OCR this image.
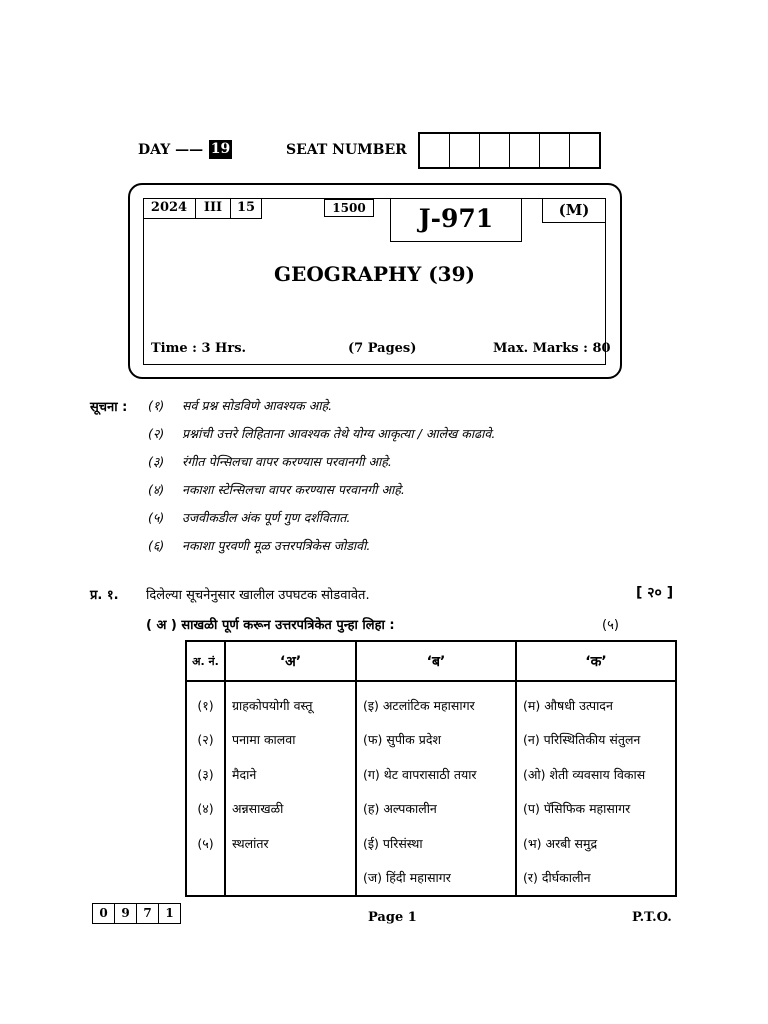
DAY —— 19	SEAT NUMBER
2024	III	15	1500	J-971	(M)
GEOGRAPHY (39)
Time : 3 Hrs.	(7 Pages)	Max. Marks : 80
सूचना : (१) सर्व प्रश्न सोडविणे आवश्यक आहे.
(२) प्रश्नांची उत्तरे लिहिताना आवश्यक तेथे योग्य आकृत्या / आलेख काढावे.
(३) रंगीत पेन्सिलचा वापर करण्यास परवानगी आहे.
(४) नकाशा स्टेन्सिलचा वापर करण्यास परवानगी आहे.
(५) उजवीकडील अंक पूर्ण गुण दर्शवितात.
(६) नकाशा पुरवणी मूळ उत्तरपत्रिकेस जोडावी.
प्र. १. दिलेल्या सूचनेनुसार खालील उपघटक सोडवावेत.	[ २० ]
( अ ) साखळी पूर्ण करून उत्तरपत्रिकेत पुन्हा लिहा :	(५)
अ. नं.	‘अ’	‘ब’	‘क’
(१)	ग्राहकोपयोगी वस्तू	(इ) अटलांटिक महासागर	(म) औषधी उत्पादन
(२)	पनामा कालवा	(फ) सुपीक प्रदेश	(न) परिस्थितिकीय संतुलन
(३)	मैदाने	(ग) थेट वापरासाठी तयार	(ओ) शेती व्यवसाय विकास
(४)	अन्नसाखळी	(ह) अल्पकालीन	(प) पॅसिफिक महासागर
(५)	स्थलांतर	(ई) परिसंस्था	(भ) अरबी समुद्र
		(ज) हिंदी महासागर	(र) दीर्घकालीन
0	9	7	1	Page 1	P.T.O.
